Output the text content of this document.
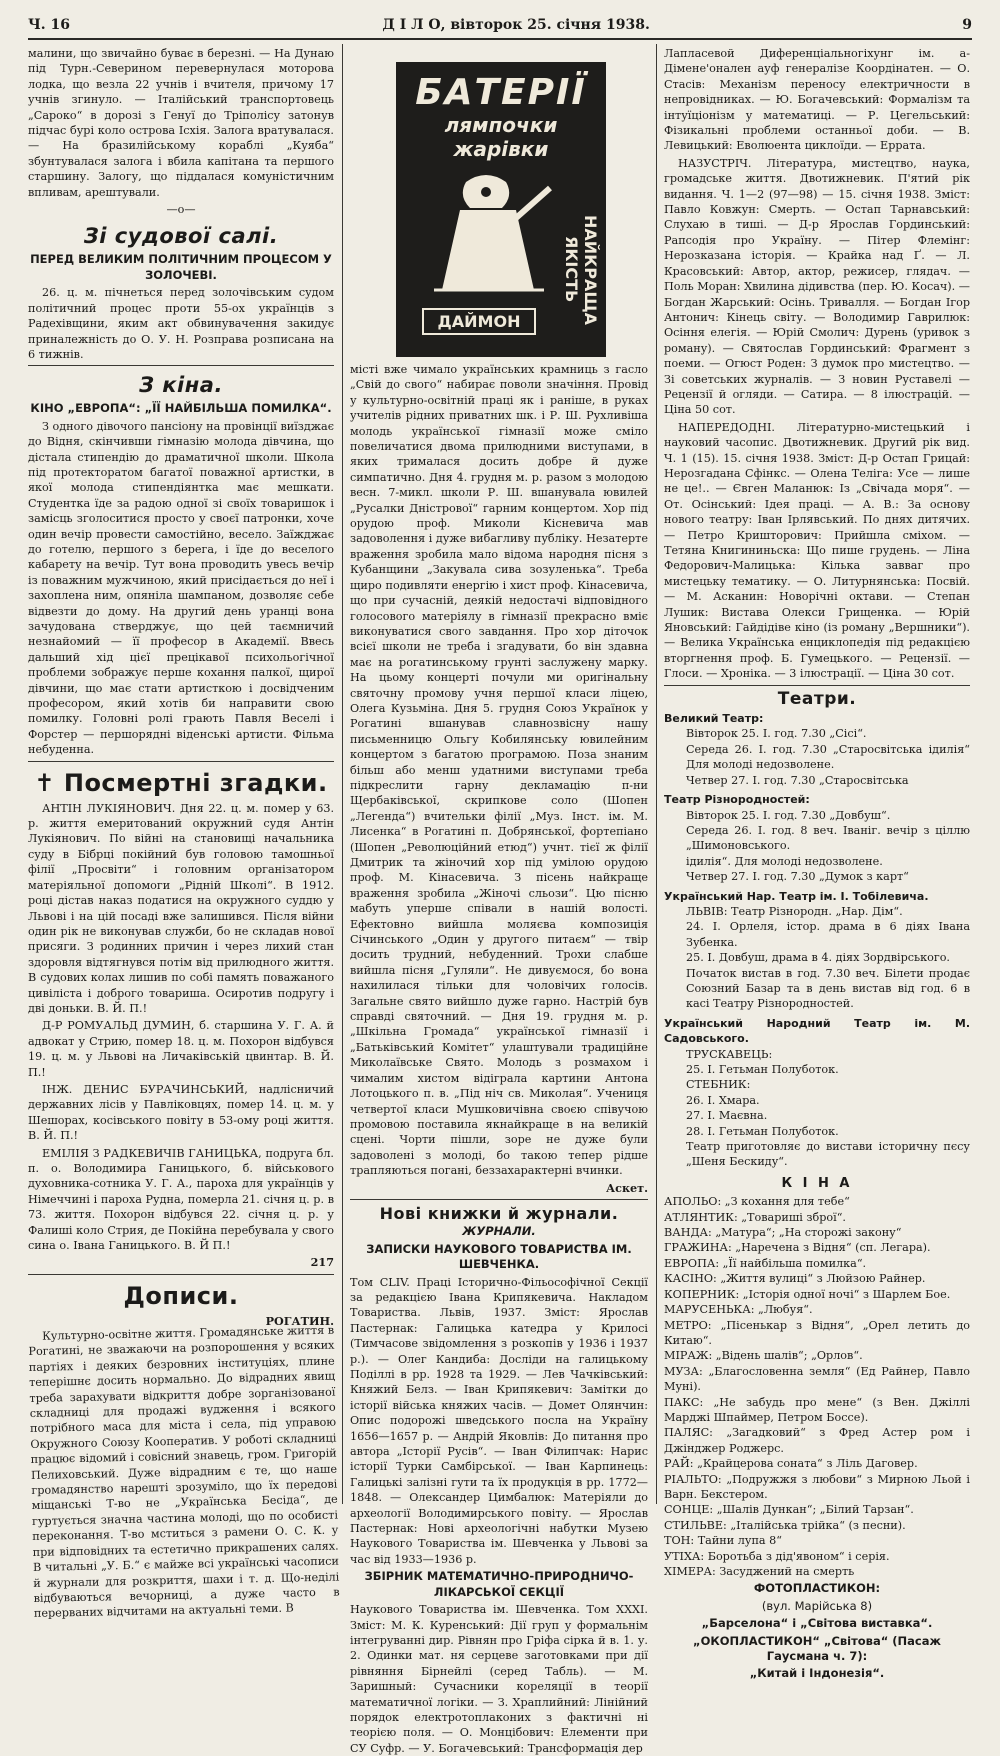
Ч. 16	Д І Л О, вівторок 25. січня 1938.	9

малини, що звичайно буває в березні. — На Дунаю під Турн.-Северином перевернулася моторова лодка, що везла 22 учнів і вчителя, причому 17 учнів згинуло. — Італійський транспортовець „Сароко“ в дорозі з Генуї до Тріполісу затонув підчас бурі коло острова Ісхія. Залога вратувалася. — На бразилійському кораблі „Куяба“ збунтувалася залога і вбила капітана та першого старшину. Залогу, що піддалася комуністичним впливам, арештували.

—о—
Зі судової салі.
ПЕРЕД ВЕЛИКИМ ПОЛІТИЧНИМ ПРОЦЕСОМ У ЗОЛОЧЕВІ.

26. ц. м. пічнеться перед золочівським судом політичний процес проти 55-ох українців з Радехівщини, яким акт обвинувачення закидує приналежність до О. У. Н. Розправа розписана на 6 тижнів.

З кіна.
КІНО „ЕВРОПА“: „ЇЇ НАЙБІЛЬША ПОМИЛКА“.

З одного дівочого пансіону на провінції виїзджає до Відня, скінчивши гімназію молода дівчина, що дістала стипендію до драматичної школи. Школа під протекторатом багатої поважної артистки, в якої молода стипендіянтка має мешкати. Студентка їде за радою одної зі своїх товаришок і замісць зголоситися просто у своєї патронки, хоче один вечір провести самостійно, весело. Заїжджає до готелю, першого з берега, і їде до веселого кабарету на вечір. Тут вона проводить увесь вечір із поважним мужчиною, який присідається до неї і захоплена ним, опяніла шампаном, дозволяє себе відвезти до дому. На другий день уранці вона зачудована стверджує, що цей таємничий незнайомий — її професор в Академії. Ввесь дальший хід цієї прецікавої психольогічної проблеми зображує перше кохання палкої, щирої дівчини, що має стати артисткою і досвідченим професором, який хотів би направити свою помилку. Головні ролі грають Павля Веселі і Форстер — першорядні віденські артисти. Фільма небуденна.

✝ Посмертні згадки.

АНТІН ЛУКІЯНОВИЧ. Дня 22. ц. м. помер у 63. р. життя емеритований окружний судя Антін Лукіянович. По війні на становищі начальника суду в Бібрці покійний був головою тамошньої філії „Просвіти“ і головним організатором матеріяльної допомоги „Рідній Школі“. В 1912. році дістав наказ податися на окружного суддю у Львові і на цій посаді вже залишився. Після війни один рік не виконував служби, бо не складав нової присяги. З родинних причин і через лихий стан здоровля відтягнувся потім від прилюдного життя. В судових колах лишив по собі память поважаного цивіліста і доброго товариша. Осиротив подругу і дві доньки. В. Й. П.!

Д-Р РОМУАЛЬД ДУМИН, б. старшина У. Г. А. й адвокат у Стрию, помер 18. ц. м. Похорон відбувся 19. ц. м. у Львові на Личаківській цвинтар. В. Й. П.!

ІНЖ. ДЕНИС БУРАЧИНСЬКИЙ, надлісничий державних лісів у Павліковцях, помер 14. ц. м. у Шешорах, косівського повіту в 53-ому році життя. В. Й. П.!

ЕМІЛІЯ З РАДКЕВИЧІВ ГАНИЦЬКА, подруга бл. п. о. Володимира Ганицького, б. військового духовника-сотника У. Г. А., пароха для українців у Німеччині і пароха Рудна, померла 21. січня ц. р. в 73. життя. Похорон відбувся 22. січня ц. р. у Фалиші коло Стрия, де Покійна перебувала у свого сина о. Івана Ганицького. В. Й П.!

217
Дописи.
РОГАТИН.

Культурно-освітне життя. Громадянське життя в Рогатині, не зважаючи на розпорошення у всяких партіях і деяких безровних інституціях, плине теперішнє досить нормально. До відрадних явищ треба зарахувати відкриття добре зорганізованої складниці для продажі вудження і всякого потрібного маса для міста і села, під управою Окружного Союзу Кооператив. У роботі складниці працює відомий і совісний знавець, гром. Григорій Пелиховський. Дуже відрадним є те, що наше громадянство нарешті зрозуміло, що їх передові міщанські Т-во не „Українська Бесіда“, де гуртується значна частина молоді, що по особисті переконання. Т-во мститься з рамени О. С. К. у при відповідних та естетично прикрашених салях. В читальні „У. Б.“ є майже всі українські часописи й журнали для розкриття, шахи і т. д. Що-неділі відбуваються вечорниці, а дуже часто в перерваних відчитами на актуальні теми. В

БАТЕРІЇ
лямпочки
жарівки
НАЙКРАЩА ЯКІСТЬ
ДАЙМОН

місті вже чимало українських крамниць з гасло „Свій до свого“ набирає поволи значіння. Провід у культурно-освітній праці як і раніше, в руках учителів рідних приватних шк. і Р. Ш. Рухливіша молодь української гімназії може сміло повеличатися двома прилюдними виступами, в яких трималася досить добре й дуже симпатично. Дня 4. грудня м. р. разом з молодою весн. 7-микл. школи Р. Ш. вшанувала ювилей „Русалки Дністрової“ гарним концертом. Хор під орудою проф. Миколи Кісневича мав задоволення і дуже вибагливу публіку. Незатерте враження зробила мало відома народня пісня з Кубанщини „Закувала сива зозуленька“. Треба щиро подивляти енергію і хист проф. Кінасевича, що при сучасній, деякій недостачі відповідного голосового матеріялу в гімназії прекрасно вміє виконуватися свого завдання. Про хор діточок всієї школи не треба і згадувати, бо він здавна має на рогатинському грунті заслужену марку. На цьому концерті почули ми оригінальну святочну промову учня першої класи ліцею, Олега Кузьміна. Дня 5. грудня Союз Українок у Рогатині вшанував славнозвісну нашу письменницю Ольгу Кобилянську ювилейним концертом з багатою програмою. Поза знаним більш або менш удатними виступами треба підкреслити гарну декламацію п-ни Щербаківської, скрипкове соло (Шопен „Легенда“) вчительки філії „Муз. Інст. ім. М. Лисенка“ в Рогатині п. Добрянської, фортепіано (Шопен „Революційний етюд“) учнт. тієї ж філії Дмитрик та жіночий хор під умілою орудою проф. М. Кінасевича. З пісень найкраще враження зробила „Жіночі сльози“. Цю пісню мабуть уперше співали в нашій волості. Ефектовно вийшла моляєва композиція Січинського „Один у другого питаєм“ — твір досить трудний, небуденний. Трохи слабше вийшла пісня „Гуляли“. Не дивуємося, бо вона нахилилася тільки для чоловічих голосів. Загальне свято вийшло дуже гарно. Настрій був справді святочний. — Дня 19. грудня м. р. „Шкільна Громада“ української гімназії і „Батьківський Комітет“ улаштували традиційне Миколаївське Свято. Молодь з розмахом і чималим хистом відіграла картини Антона Лотоцького п. в. „Під ніч св. Миколая“. Учениця четвертої класи Мушковичівна своєю співучою промовою поставила якнайкраще в на великій сцені. Чорти пішли, зоре не дуже були задоволені з молоді, бо такою тепер рідше трапляються погані, беззахарактерні вчинки.

Аскет.
Нові книжки й журнали.
ЖУРНАЛИ.
ЗАПИСКИ НАУКОВОГО ТОВАРИСТВА ІМ. ШЕВЧЕНКА.

Том CLIV. Праці Історично-Фільософічної Секції за редакцією Івана Крипякевича. Накладом Товариства. Львів, 1937. Зміст: Ярослав Пастернак: Галицька катедра у Крилосі (Тимчасове звідомлення з розкопів у 1936 і 1937 р.). — Олег Кандиба: Досліди на галицькому Поділлі в рр. 1928 та 1929. — Лев Чачківський: Княжий Белз. — Іван Крипякевич: Замітки до історії війська княжих часів. — Домет Олянчин: Опис подорожі шведського посла на Україну 1656—1657 р. — Андрій Яковлів: До питання про автора „Історії Русів“. — Іван Філипчак: Нарис історії Турки Самбірської. — Іван Карпинець: Галицькі залізні гути та їх продукція в рр. 1772—1848. — Олександер Цимбалюк: Матеріяли до археології Володимирського повіту. — Ярослав Пастернак: Нові археологічні набутки Музею Наукового Товариства ім. Шевченка у Львові за час від 1933—1936 р.

ЗБІРНИК МАТЕМАТИЧНО-ПРИРОДНИЧО-ЛІКАРСЬКОЇ СЕКЦІЇ

Наукового Товариства ім. Шевченка. Том XXXI. Зміст: М. К. Куренський: Дії груп у формальнім інтегруванні дир. Рівнян про Гріфа сірка й в. 1. у. 2. Одинки мат. ня серцеве заготовками при дії рівняння Бірнейлі (серед Табль). — М. Заришный: Сучасники кореляції в теорії математичної логіки. — З. Храплийний: Лінійний порядок електротоплаконих з фактичні ні теорією поля. — О. Монцібович: Елементи при СУ Суфр. — У. Богачевський: Трансформація дер

Лапласевой Диференціальногіхунг ім. а-Дімене'онален ауф генералізе Коордінатен. — О. Стасів: Механізм переносу електричности в непровідниках. — Ю. Богачевський: Формалізм та інтуїціонізм у математиці. — Р. Цегельський: Фізикальні проблеми останньої доби. — В. Левицький: Еволюента циклоїди. — Еррата.

НАЗУСТРІЧ. Література, мистецтво, наука, громадське життя. Двотижневик. П'ятий рік видання. Ч. 1—2 (97—98) — 15. січня 1938. Зміст: Павло Ковжун: Смерть. — Остап Тарнавський: Слухаю в тиші. — Д-р Ярослав Гординський: Рапсодія про Україну. — Пітер Флемінг: Нерозказана історія. — Крайка над Ґ. — Л. Красовський: Автор, актор, режисер, глядач. — Поль Моран: Хвилина дідивства (пер. Ю. Косач). — Богдан Жарський: Осінь. Тривалля. — Богдан Ігор Антонич: Кінець світу. — Володимир Гаврилюк: Осіння елегія. — Юрій Смолич: Дурень (уривок з роману). — Святослав Гординський: Фрагмент з поеми. — Огюст Роден: З думок про мистецтво. — Зі советських журналів. — З новин Руставелі — Рецензії й огляди. — Сатира. — 8 ілюстрацій. — Ціна 50 сот.

НАПЕРЕДОДНІ. Літературно-мистецький і науковий часопис. Двотижневик. Другий рік вид. Ч. 1 (15). 15. січня 1938. Зміст: Д-р Остап Грицай: Нерозгадана Сфінкс. — Олена Теліга: Усе — лише не це!.. — Євген Маланюк: Із „Свічада моря“. — От. Осінський: Ідея праці. — А. В.: За основу нового театру: Іван Ірлявський. По днях дитячих. — Петро Кришторович: Прийшла сміхом. — Тетяна Книгининьска: Що пише грудень. — Ліна Федорович-Малицька: Кілька завваг про мистецьку тематику. — О. Литурнянська: Посвій. — М. Асканин: Новорічні октави. — Степан Лушик: Вистава Олекси Грищенка. — Юрій Яновський: Гайдідіве кіно (із роману „Вершники“). — Велика Українська енциклопедія під редакцією вторгнення проф. Б. Гумецького. — Рецензії. — Глоси. — Хроніка. — 3 ілюстрації. — Ціна 30 сот.

Театри.
Великий Театр:
Вівторок 25. І. год. 7.30 „Сісі“.
Середа 26. І. год. 7.30 „Старосвітська ідилія“ Для молоді недозволене.
Четвер 27. І. год. 7.30 „Старосвітська
Театр Різнородностей:
Вівторок 25. І. год. 7.30 „Довбуш“.
Середа 26. І. год. 8 веч. Іваніг. вечір з ціллю „Шимоновського.
ідилія“. Для молоді недозволене.
Четвер 27. І. год. 7.30 „Думок з карт“
Український Нар. Театр ім. І. Тобілевича.
ЛЬВІВ: Театр Різнородн. „Нар. Дім“.
24. І. Орлеля, істор. драма в 6 діях Івана Зубенка.
25. І. Довбуш, драма в 4. діях Зордвірського.
Початок вистав в год. 7.30 веч. Білети продає Союзний Базар та в день вистав від год. 6 в касі Театру Різнородностей.
Український Народний Театр ім. М. Садовського.
ТРУСКАВЕЦЬ:
25. І. Гетьман Полуботок.
СТЕБНИК:
26. І. Хмара.
27. І. Маєвна.
28. І. Гетьман Полуботок.
Театр приготовляє до вистави історичну пєсу „Шеня Бескиду“.
К І Н А
АПОЛЬО: „З кохання для тебе“
АТЛЯНТИК: „Товариші зброї“.
ВАНДА: „Матура“; „На сторожі закону“
ГРАЖИНА: „Наречена з Відня“ (сп. Легара).
ЕВРОПА: „Її найбільша помилка“.
КАСІНО: „Життя вулиці“ з Люйзою Райнер.
КОПЕРНИК: „Історія одної ночі“ з Шарлем Бое.
МАРУСЕНЬКА: „Любуя“.
МЕТРО: „Пісенькар з Відня“, „Орел летить до Китаю“.
МІРАЖ: „Відень шалів“; „Орлов“.
МУЗА: „Благословенна земля“ (Ед Райнер, Павло Муні).
ПАКС: „Не забудь про мене“ (з Вен. Джіллі Марджі Шпаймер, Петром Боссе).
ПАЛЯС: „Загадковий“ з Фред Астер ром і Джінджер Роджерс.
РАЙ: „Крайцерова соната“ з Ліль Даговер.
РІАЛЬТО: „Подружжя з любови“ з Мирною Льой і Варн. Бекстером.
СОНЦЕ: „Шалів Дункан“; „Білий Тарзан“.
СТИЛЬВЕ: „Італійська трійка“ (з песни).
ТОН: Тайни лупа 8“
УТІХА: Боротьба з дід'явоном“ і серія.
ХІМЕРА: Засуджений на смерть
ФОТОПЛАСТИКОН:
(вул. Марійська 8)
„Барселона“ і „Світова виставка“.
„ОКОПЛАСТИКОН“ „Світова“ (Пасаж Гаусмана ч. 7):
„Китай і Індонезія“.
